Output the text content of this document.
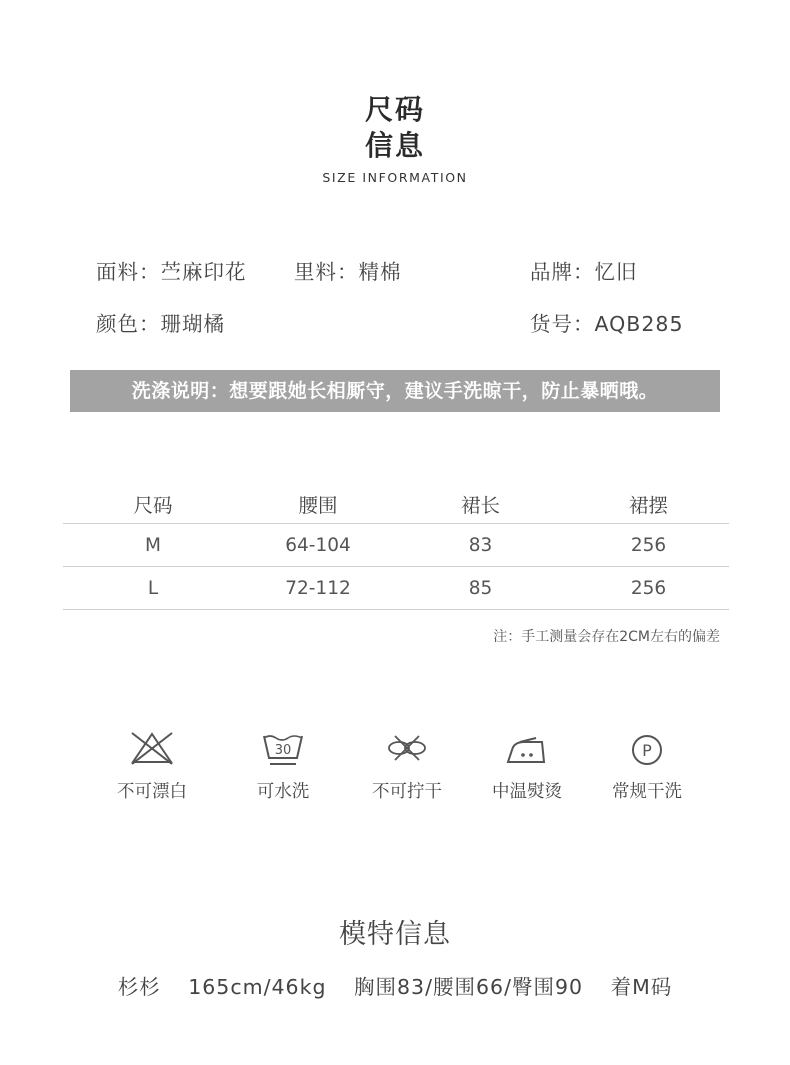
尺码
信息
SIZE INFORMATION
面料：苎麻印花 里料：精棉	品牌：忆旧
颜色：珊瑚橘	货号：AQB285
洗涤说明：想要跟她长相厮守，建议手洗晾干，防止暴晒哦。
尺码	腰围	裙长	裙摆
M	64-104	83	256
L	72-112	85	256
注：手工测量会存在2CM左右的偏差
不可漂白
30
可水洗	不可拧干	中温熨烫
P
常规干洗
模特信息
杉杉 165cm/46kg 胸围83/腰围66/臀围90 着M码
